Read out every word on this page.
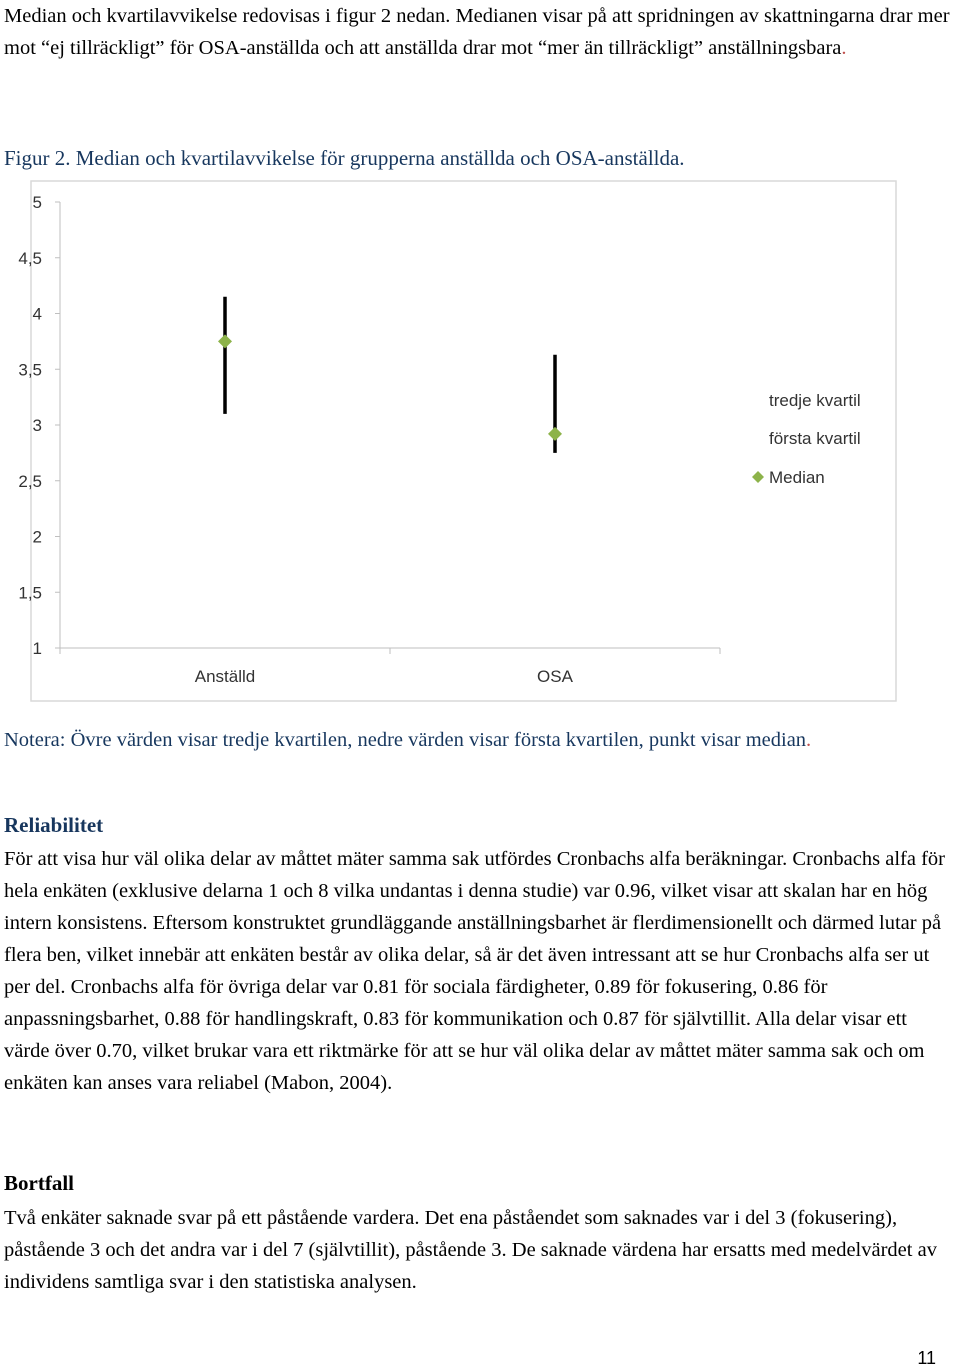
Median och kvartilavvikelse redovisas i figur 2 nedan. Medianen visar på att spridningen av skattningarna drar mer mot “ej tillräckligt” för OSA-anställda och att anställda drar mot “mer än tillräckligt” anställningsbara.

Figur 2. Median och kvartilavvikelse för grupperna anställda och OSA-anställda.

5
4,5
4
3,5
3
2,5
2
1,5
1
Anställd	OSA
tredje kvartil
första kvartil
Median

Notera: Övre värden visar tredje kvartilen, nedre värden visar första kvartilen, punkt visar median.

Reliabilitet

För att visa hur väl olika delar av måttet mäter samma sak utfördes Cronbachs alfa beräkningar. Cronbachs alfa för hela enkäten (exklusive delarna 1 och 8 vilka undantas i denna studie) var 0.96, vilket visar att skalan har en hög intern konsistens. Eftersom konstruktet grundläggande anställningsbarhet är flerdimensionellt och därmed lutar på flera ben, vilket innebär att enkäten består av olika delar, så är det även intressant att se hur Cronbachs alfa ser ut per del. Cronbachs alfa för övriga delar var 0.81 för sociala färdigheter, 0.89 för fokusering, 0.86 för anpassningsbarhet, 0.88 för handlingskraft, 0.83 för kommunikation och 0.87 för självtillit. Alla delar visar ett värde över 0.70, vilket brukar vara ett riktmärke för att se hur väl olika delar av måttet mäter samma sak och om enkäten kan anses vara reliabel (Mabon, 2004).

Bortfall

Två enkäter saknade svar på ett påstående vardera. Det ena påståendet som saknades var i del 3 (fokusering), påstående 3 och det andra var i del 7 (självtillit), påstående 3. De saknade värdena har ersatts med medelvärdet av individens samtliga svar i den statistiska analysen.

11
